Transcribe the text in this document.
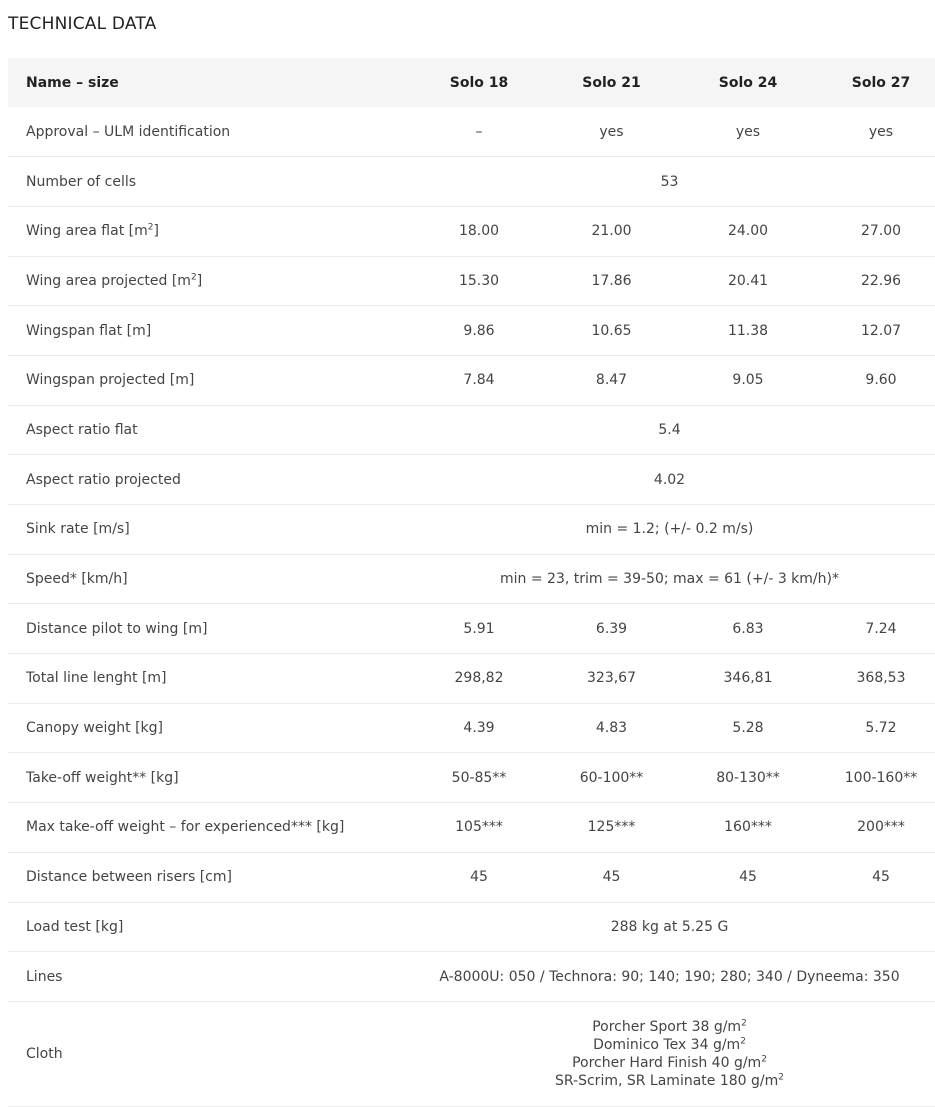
TECHNICAL DATA
Name – size	Solo 18	Solo 21	Solo 24	Solo 27
Approval – ULM identification	–	yes	yes	yes
Number of cells	53			
Wing area flat $[m^2]$	18.00	21.00	24.00	27.00
Wing area projected $[m^2]$	15.30	17.86	20.41	22.96
Wingspan flat [m]	9.86	10.65	11.38	12.07
Wingspan projected [m]	7.84	8.47	9.05	9.60
Aspect ratio flat	5.4			
Aspect ratio projected	4.02			
Sink rate [m/s]	min = 1.2; (+/- 0.2 m/s)			
Speed* [km/h]	min = 23, trim = 39-50; max = 61 (+/- 3 km/h)*			
Distance pilot to wing [m]	5.91	6.39	6.83	7.24
Total line lenght [m]	298,82	323,67	346,81	368,53
Canopy weight [kg]	4.39	4.83	5.28	5.72
Take-off weight** [kg]	50-85**	60-100**	80-130**	100-160**
Max take-off weight – for experienced*** [kg]	105***	125***	160***	200***
Distance between risers [cm]	45	45	45	45
Load test [kg]	288 kg at 5.25 G			
Lines	A-8000U: 050 / Technora: 90; 140; 190; 280; 340 / Dyneema: 350			
Cloth	Porcher Sport 38 $g/m^2$
Dominico Tex 34 $g/m^2$
Porcher Hard Finish 40 $g/m^2$
SR-Scrim, SR Laminate 180 $g/m^2$
